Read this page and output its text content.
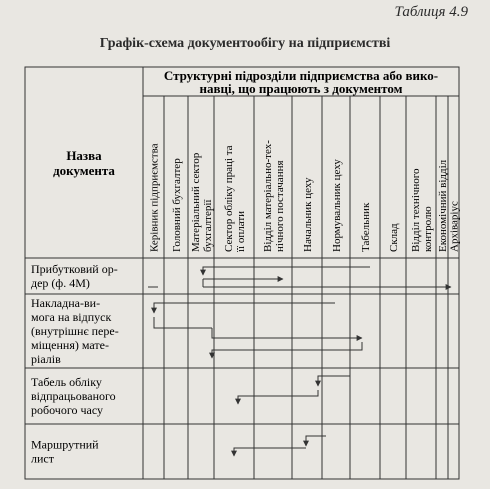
Таблиця 4.9
Графік-схема документообігу на підприємстві
Структурні підрозділи підприємства або вико-
навці, що працюють з документом
Назва
документа	Керівник підприємства Головний бухгалтер Матеріальний сектор бухгалтерії Сектор обліку праці та її оплати Відділ матеріально-тех- нічного постачання Начальник цеху Нормувальник цеху Табельник Склад Відділ технічного контролю Економічний відділ Архіваріус
Прибутковий ор-
дер (ф. 4М)
Накладна-ви-
мога на відпуск
(внутрішнє пере-
міщення) мате-
ріалів
Табель обліку
відпрацьованого
робочого часу
Маршрутний
лист
